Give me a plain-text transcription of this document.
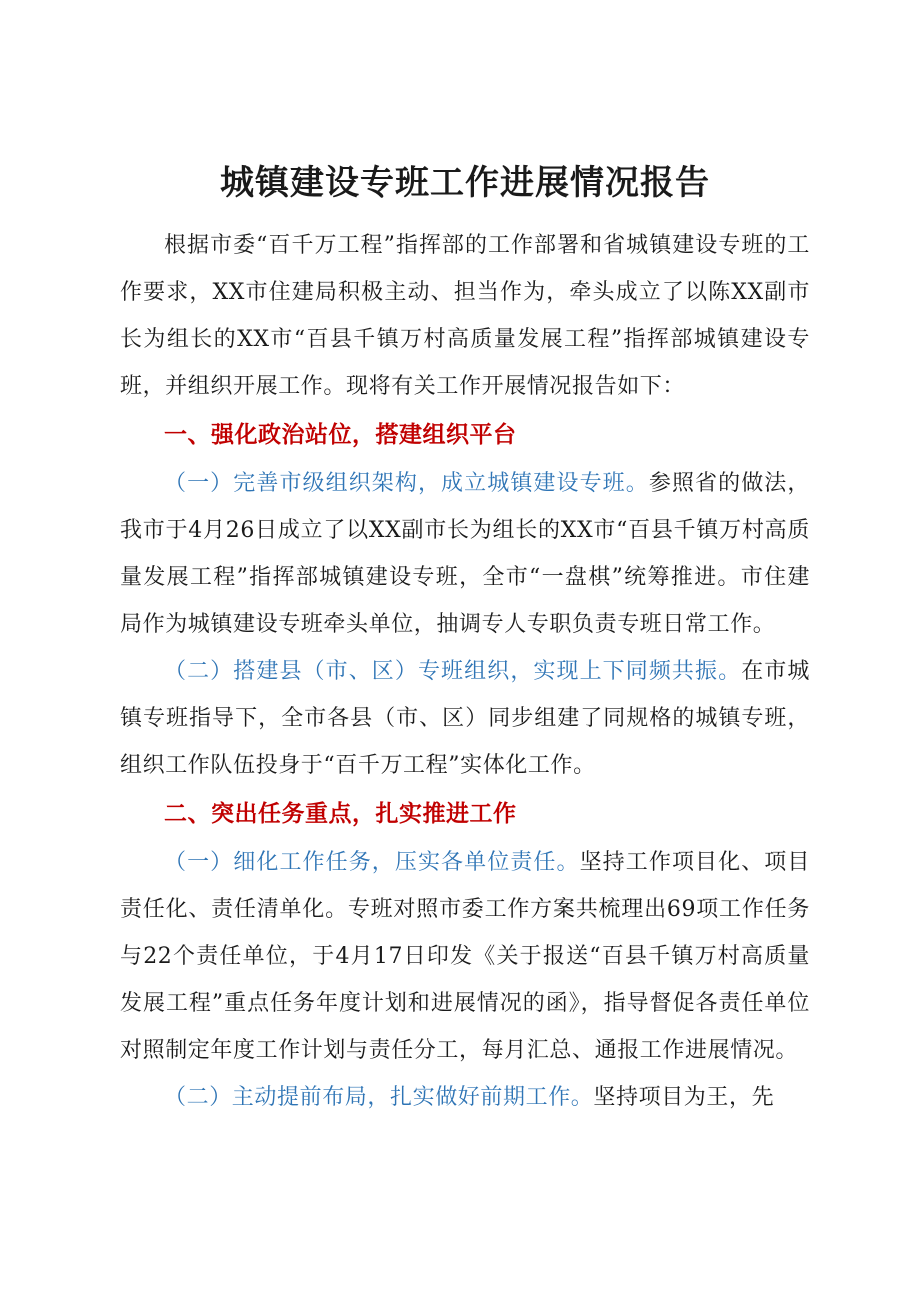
城镇建设专班工作进展情况报告

根据市委“百千万工程”指挥部的工作部署和省城镇建设专班的工作要求，XX市住建局积极主动、担当作为，牵头成立了以陈XX副市长为组长的XX市“百县千镇万村高质量发展工程”指挥部城镇建设专班，并组织开展工作。现将有关工作开展情况报告如下：

一、强化政治站位，搭建组织平台

（一）完善市级组织架构，成立城镇建设专班。参照省的做法，我市于4月26日成立了以XX副市长为组长的XX市“百县千镇万村高质量发展工程”指挥部城镇建设专班，全市“一盘棋”统筹推进。市住建局作为城镇建设专班牵头单位，抽调专人专职负责专班日常工作。

（二）搭建县（市、区）专班组织，实现上下同频共振。在市城镇专班指导下，全市各县（市、区）同步组建了同规格的城镇专班，组织工作队伍投身于“百千万工程”实体化工作。

二、突出任务重点，扎实推进工作

（一）细化工作任务，压实各单位责任。坚持工作项目化、项目责任化、责任清单化。专班对照市委工作方案共梳理出69项工作任务与22个责任单位，于4月17日印发《关于报送“百县千镇万村高质量发展工程”重点任务年度计划和进展情况的函》，指导督促各责任单位对照制定年度工作计划与责任分工，每月汇总、通报工作进展情况。

（二）主动提前布局，扎实做好前期工作。坚持项目为王，先
